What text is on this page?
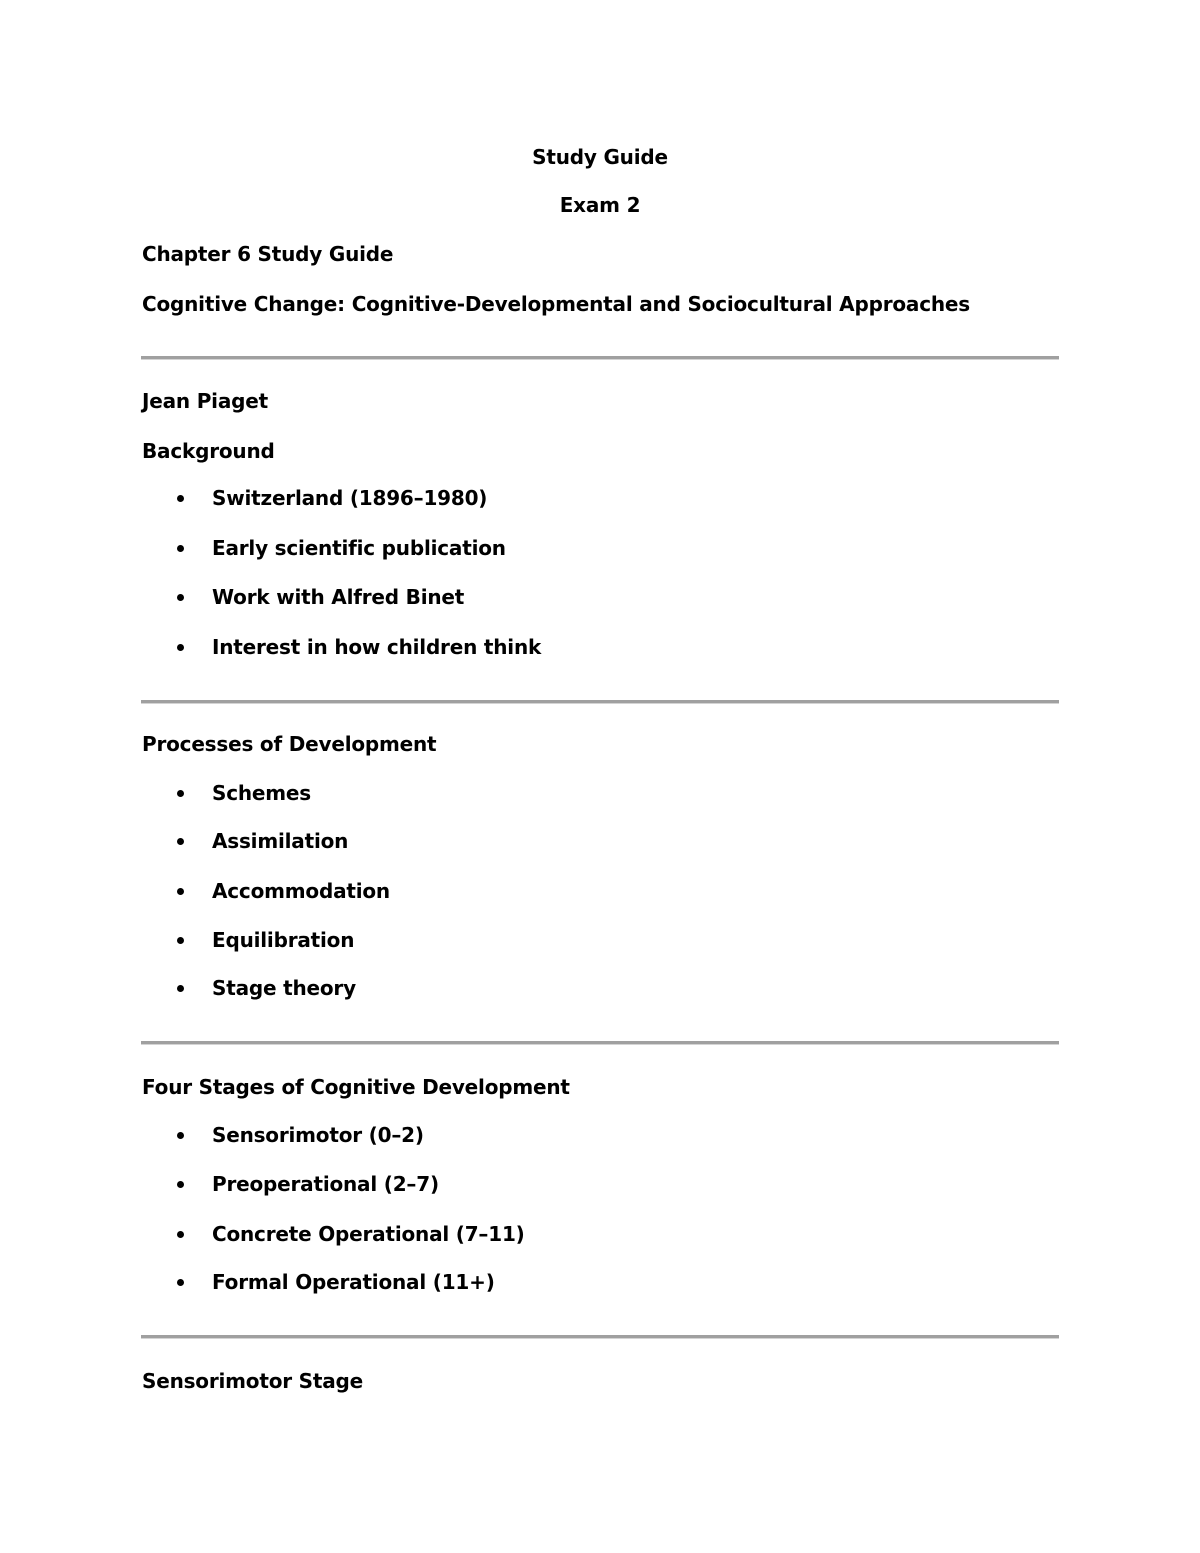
Study Guide
Exam 2
Chapter 6 Study Guide
Cognitive Change: Cognitive-Developmental and Sociocultural Approaches
Jean Piaget
Background
Switzerland (1896–1980)
Early scientific publication
Work with Alfred Binet
Interest in how children think
Processes of Development
Schemes
Assimilation
Accommodation
Equilibration
Stage theory
Four Stages of Cognitive Development
Sensorimotor (0–2)
Preoperational (2–7)
Concrete Operational (7–11)
Formal Operational (11+)
Sensorimotor Stage
